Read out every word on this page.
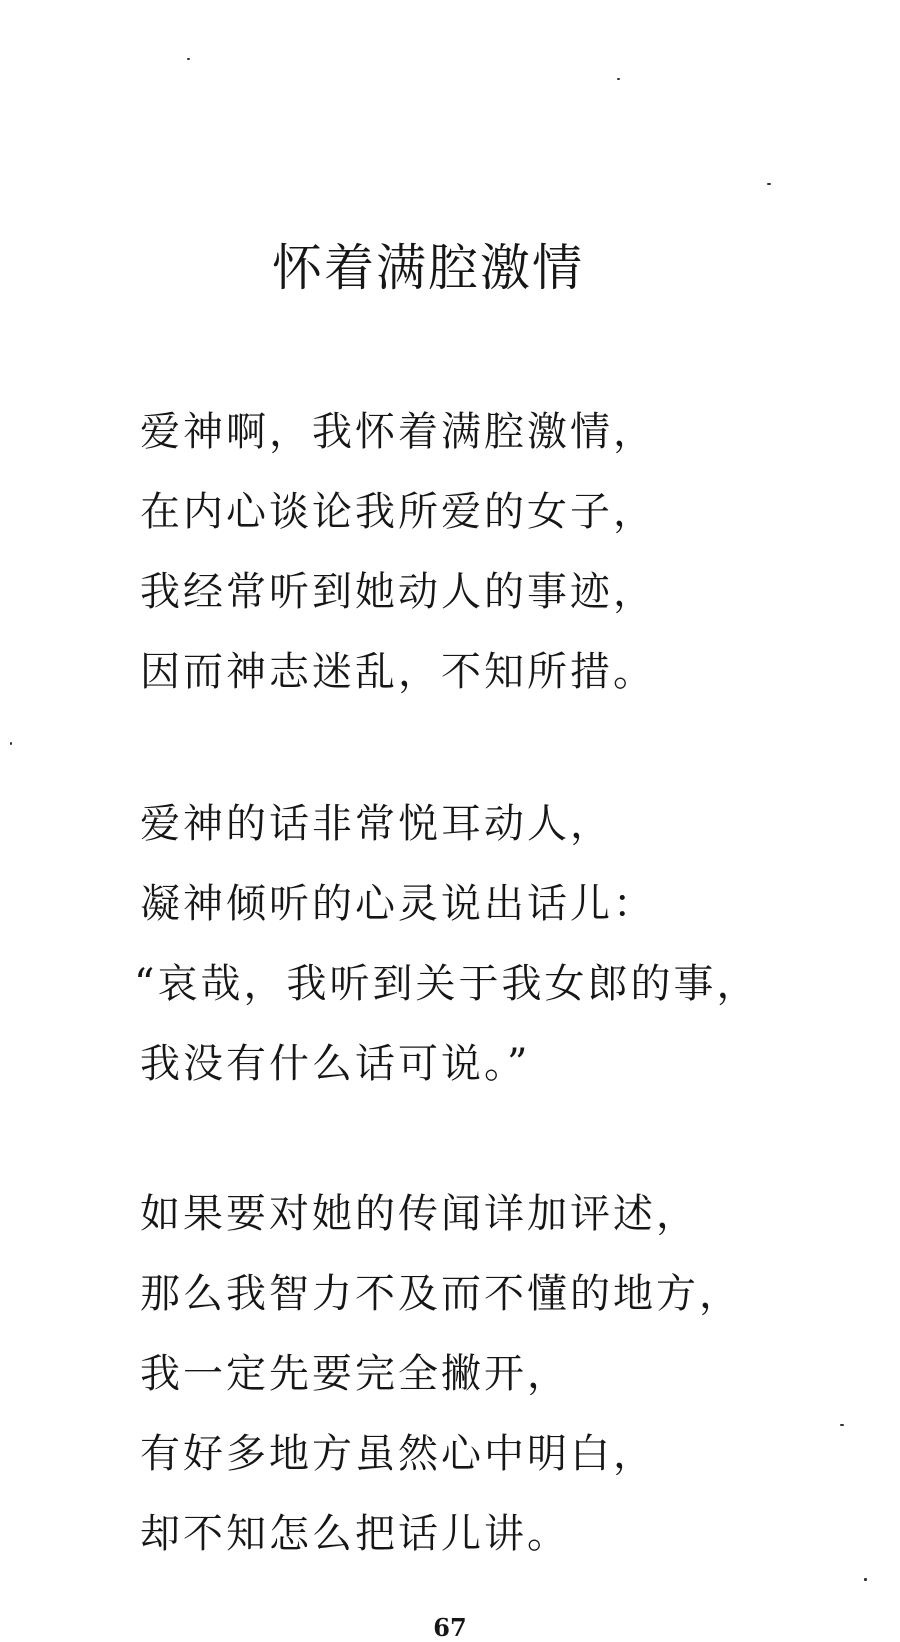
怀着满腔激情
爱神啊，我怀着满腔激情，
在内心谈论我所爱的女子，
我经常听到她动人的事迹，
因而神志迷乱，不知所措。
爱神的话非常悦耳动人，
凝神倾听的心灵说出话儿：
“哀哉，我听到关于我女郎的事，
我没有什么话可说。”
如果要对她的传闻详加评述，
那么我智力不及而不懂的地方，
我一定先要完全撇开，
有好多地方虽然心中明白，
却不知怎么把话儿讲。
67
